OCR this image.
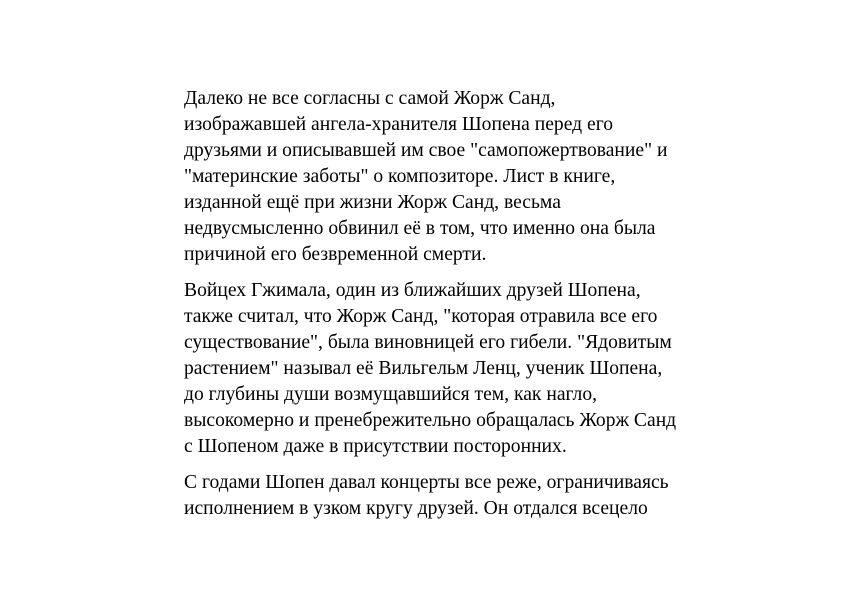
Далеко не все согласны с самой Жорж Санд,
изображавшей ангела-хранителя Шопена перед его
друзьями и описывавшей им свое "самопожертвование" и
"материнские заботы" о композиторе. Лист в книге,
изданной ещё при жизни Жорж Санд, весьма
недвусмысленно обвинил её в том, что именно она была
причиной его безвременной смерти.

Войцех Гжимала, один из ближайших друзей Шопена,
также считал, что Жорж Санд, "которая отравила все его
существование", была виновницей его гибели. "Ядовитым
растением" называл её Вильгельм Ленц, ученик Шопена,
до глубины души возмущавшийся тем, как нагло,
высокомерно и пренебрежительно обращалась Жорж Санд
с Шопеном даже в присутствии посторонних.

С годами Шопен давал концерты все реже, ограничиваясь
исполнением в узком кругу друзей. Он отдался всецело
